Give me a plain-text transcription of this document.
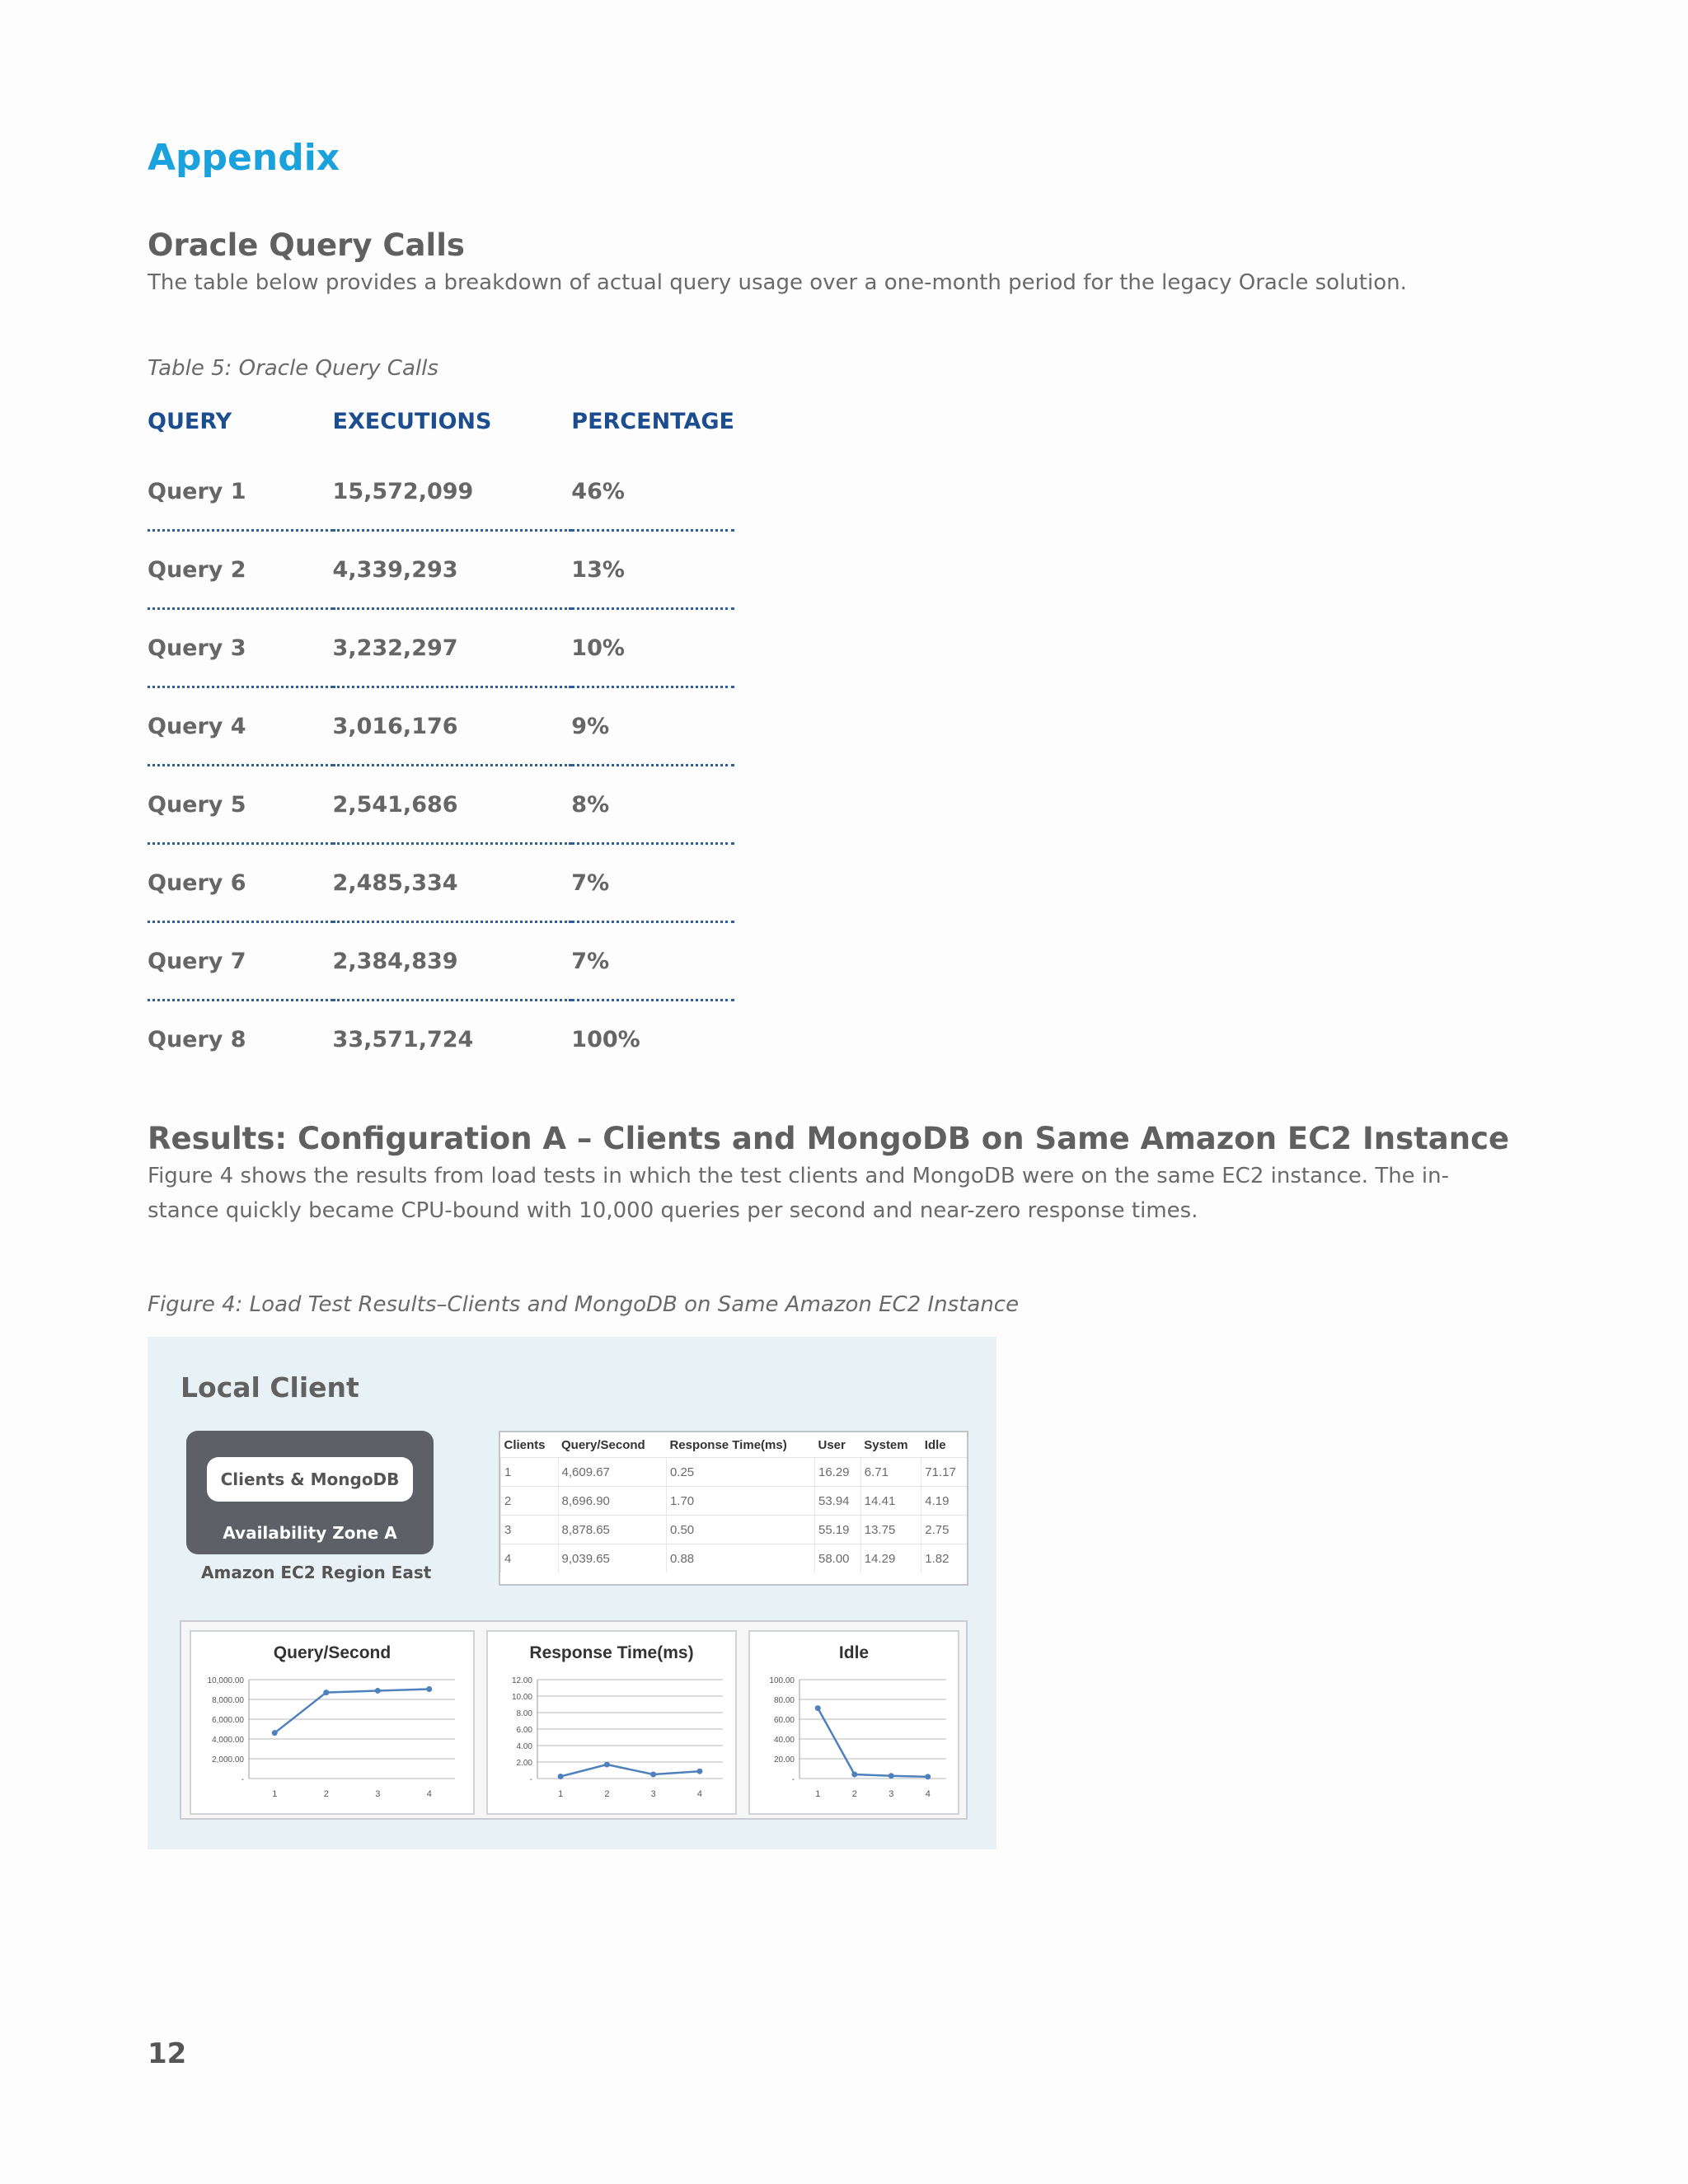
Appendix
Oracle Query Calls

The table below provides a breakdown of actual query usage over a one-month period for the legacy Oracle solution.

Table 5: Oracle Query Calls

QUERY	EXECUTIONS	PERCENTAGE
Query 1	15,572,099	46%
Query 2	4,339,293	13%
Query 3	3,232,297	10%
Query 4	3,016,176	9%
Query 5	2,541,686	8%
Query 6	2,485,334	7%
Query 7	2,384,839	7%
Query 8	33,571,724	100%
Results: Configuration A – Clients and MongoDB on Same Amazon EC2 Instance

Figure 4 shows the results from load tests in which the test clients and MongoDB were on the same EC2 instance. The in-
stance quickly became CPU-bound with 10,000 queries per second and near-zero response times.

Figure 4: Load Test Results–Clients and MongoDB on Same Amazon EC2 Instance

Local Client
Clients & MongoDB
Availability Zone A
Amazon EC2 Region East
Clients	Query/Second	Response Time(ms)	User	System	Idle
1	4,609.67	0.25	16.29	6.71	71.17
2	8,696.90	1.70	53.94	14.41	4.19
3	8,878.65	0.50	55.19	13.75	2.75
4	9,039.65	0.88	58.00	14.29	1.82
Query/Second
10,000.00
8,000.00
6,000.00
4,000.00
2,000.00
-
1	2	3	4
Response Time(ms)
12.00
10.00
8.00
6.00
4.00
2.00
-
1	2	3	4
Idle
100.00
80.00
60.00
40.00
20.00
-
1	2	3	4

12
